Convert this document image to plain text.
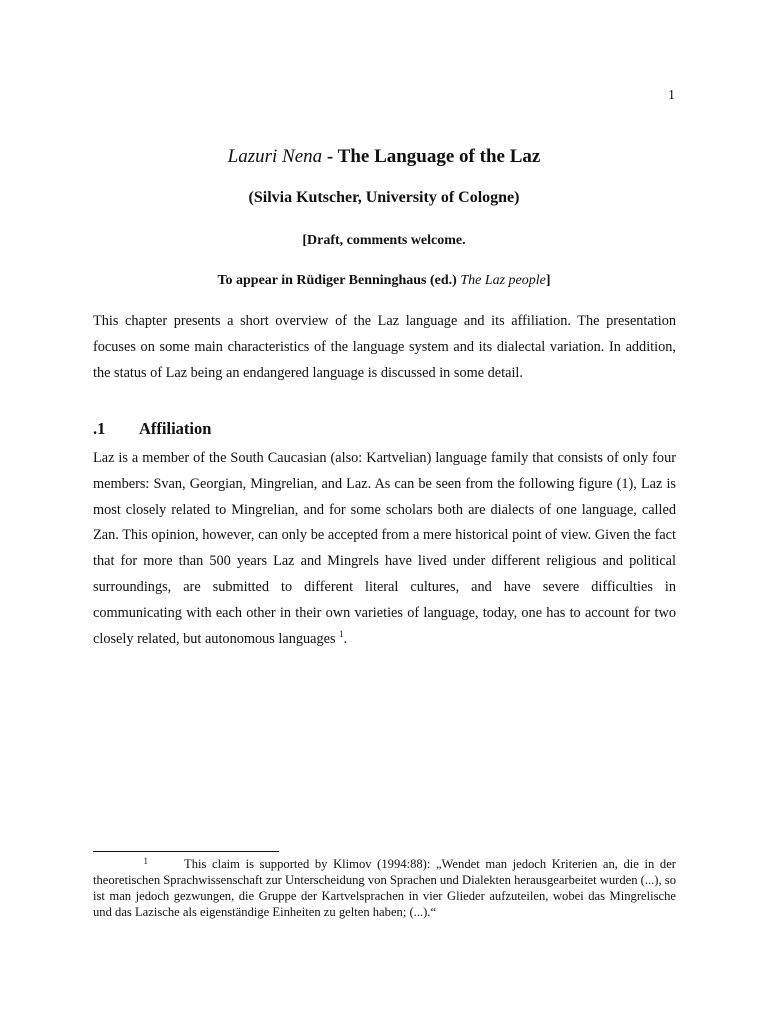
1
Lazuri Nena - The Language of the Laz
(Silvia Kutscher, University of Cologne)
[Draft, comments welcome.
To appear in Rüdiger Benninghaus (ed.) The Laz people]
This chapter presents a short overview of the Laz language and its affiliation. The presentation focuses on some main characteristics of the language system and its dialectal variation. In addition, the status of Laz being an endangered language is discussed in some detail.
.1 Affiliation
Laz is a member of the South Caucasian (also: Kartvelian) language family that consists of only four members: Svan, Georgian, Mingrelian, and Laz. As can be seen from the following figure (1), Laz is most closely related to Mingrelian, and for some scholars both are dialects of one language, called Zan. This opinion, however, can only be accepted from a mere historical point of view. Given the fact that for more than 500 years Laz and Mingrels have lived under different religious and political surroundings, are submitted to different literal cultures, and have severe difficulties in communicating with each other in their own varieties of language, today, one has to account for two closely related, but autonomous languages $^1$.
$^1$	This claim is supported by Klimov (1994:88): „Wendet man jedoch Kriterien an, die in der theoretischen Sprachwissenschaft zur Unterscheidung von Sprachen und Dialekten herausgearbeitet wurden (...), so ist man jedoch gezwungen, die Gruppe der Kartvelsprachen in vier Glieder aufzuteilen, wobei das Mingrelische und das Lazische als eigenständige Einheiten zu gelten haben; (...).“
